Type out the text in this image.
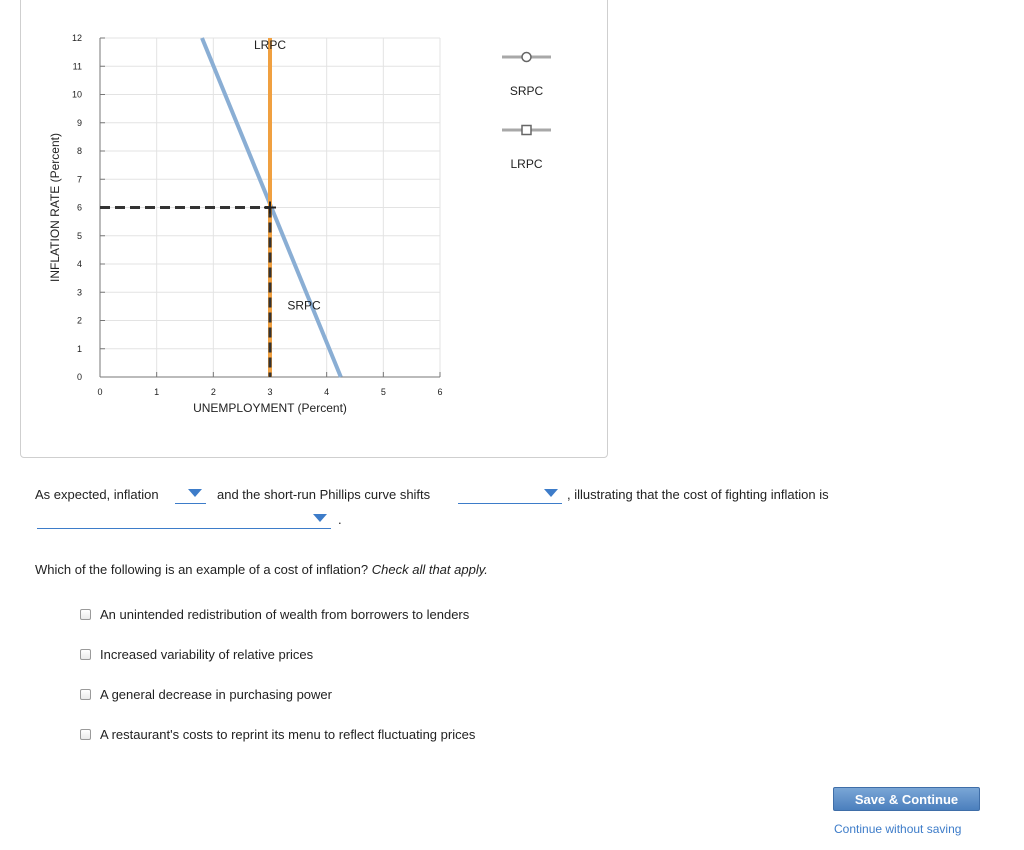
0
1
2
3
4
5
6
7
8
9
10
11
12
0	1	2	3	4	5	6
UNEMPLOYMENT (Percent)
INFLATION RATE (Percent)
LRPC
SRPC
SRPC
LRPC
As expected, inflation	and the short-run Phillips curve shifts	, illustrating that the cost of fighting inflation is
.
Which of the following is an example of a cost of inflation? Check all that apply.
An unintended redistribution of wealth from borrowers to lenders
Increased variability of relative prices
A general decrease in purchasing power
A restaurant's costs to reprint its menu to reflect fluctuating prices
Save & Continue
Continue without saving
